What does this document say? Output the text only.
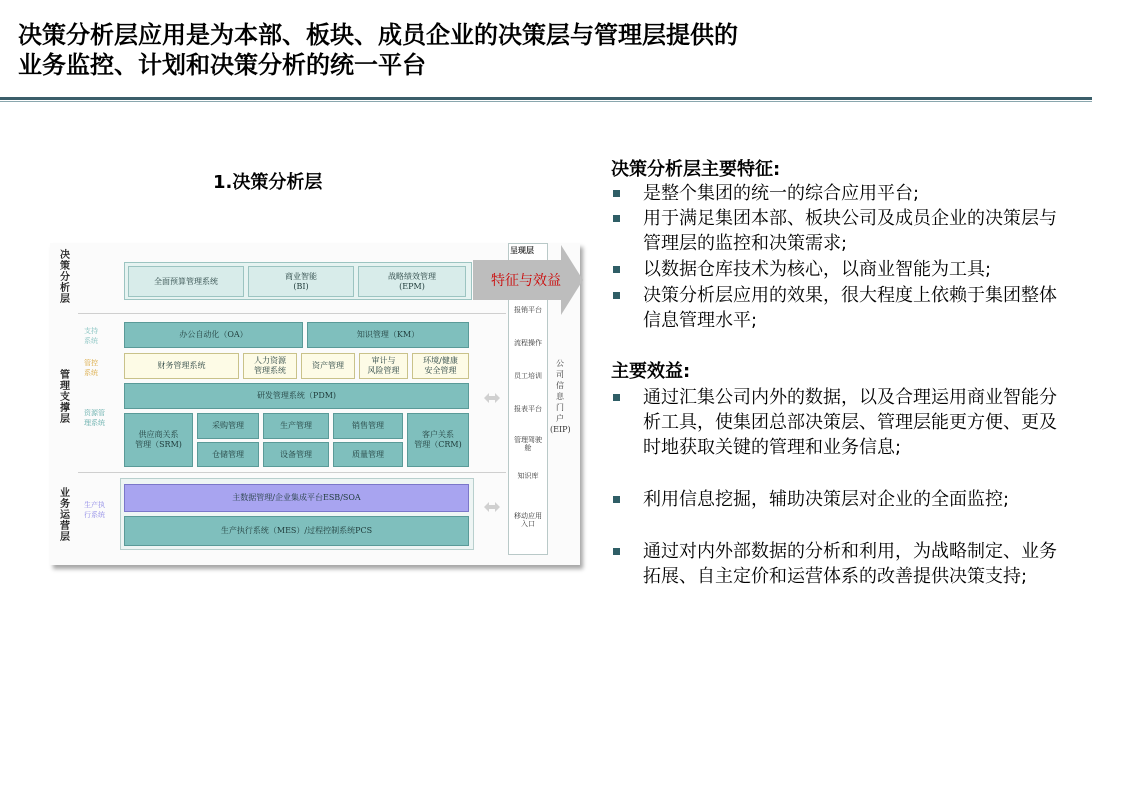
决策分析层应用是为本部、板块、成员企业的决策层与管理层提供的
业务监控、计划和决策分析的统一平台
1.决策分析层
决策分析层
管理支撑层
业务运营层
支持
系统
管控
系统
资源管
理系统
生产执
行系统
全面预算管理系统
商业智能
(BI)
战略绩效管理
(EPM)
办公自动化（OA）	知识管理（KM）
财务管理系统
人力资源
管理系统
资产管理
审计与
风险管理
环境/健康
安全管理
研发管理系统（PDM)
供应商关系
管理（SRM)
采购管理	生产管理	销售管理
客户关系
管理（CRM)
仓储管理	设备管理	质量管理
主数据管理/企业集成平台ESB/SOA
生产执行系统（MES）/过程控制系统PCS
呈现层
报销平台
流程操作
员工培训
报表平台
管理驾驶舱
知识库
移动应用入口
公
司
信
息
门
户
(EIP)
特征与效益
决策分析层主要特征:
是整个集团的统一的综合应用平台;
用于满足集团本部、板块公司及成员企业的决策层与管理层的监控和决策需求;
以数据仓库技术为核心，以商业智能为工具;
决策分析层应用的效果，很大程度上依赖于集团整体信息管理水平;
主要效益:
通过汇集公司内外的数据，以及合理运用商业智能分析工具，使集团总部决策层、管理层能更方便、更及时地获取关键的管理和业务信息;
利用信息挖掘，辅助决策层对企业的全面监控;
通过对内外部数据的分析和利用，为战略制定、业务拓展、自主定价和运营体系的改善提供决策支持;
